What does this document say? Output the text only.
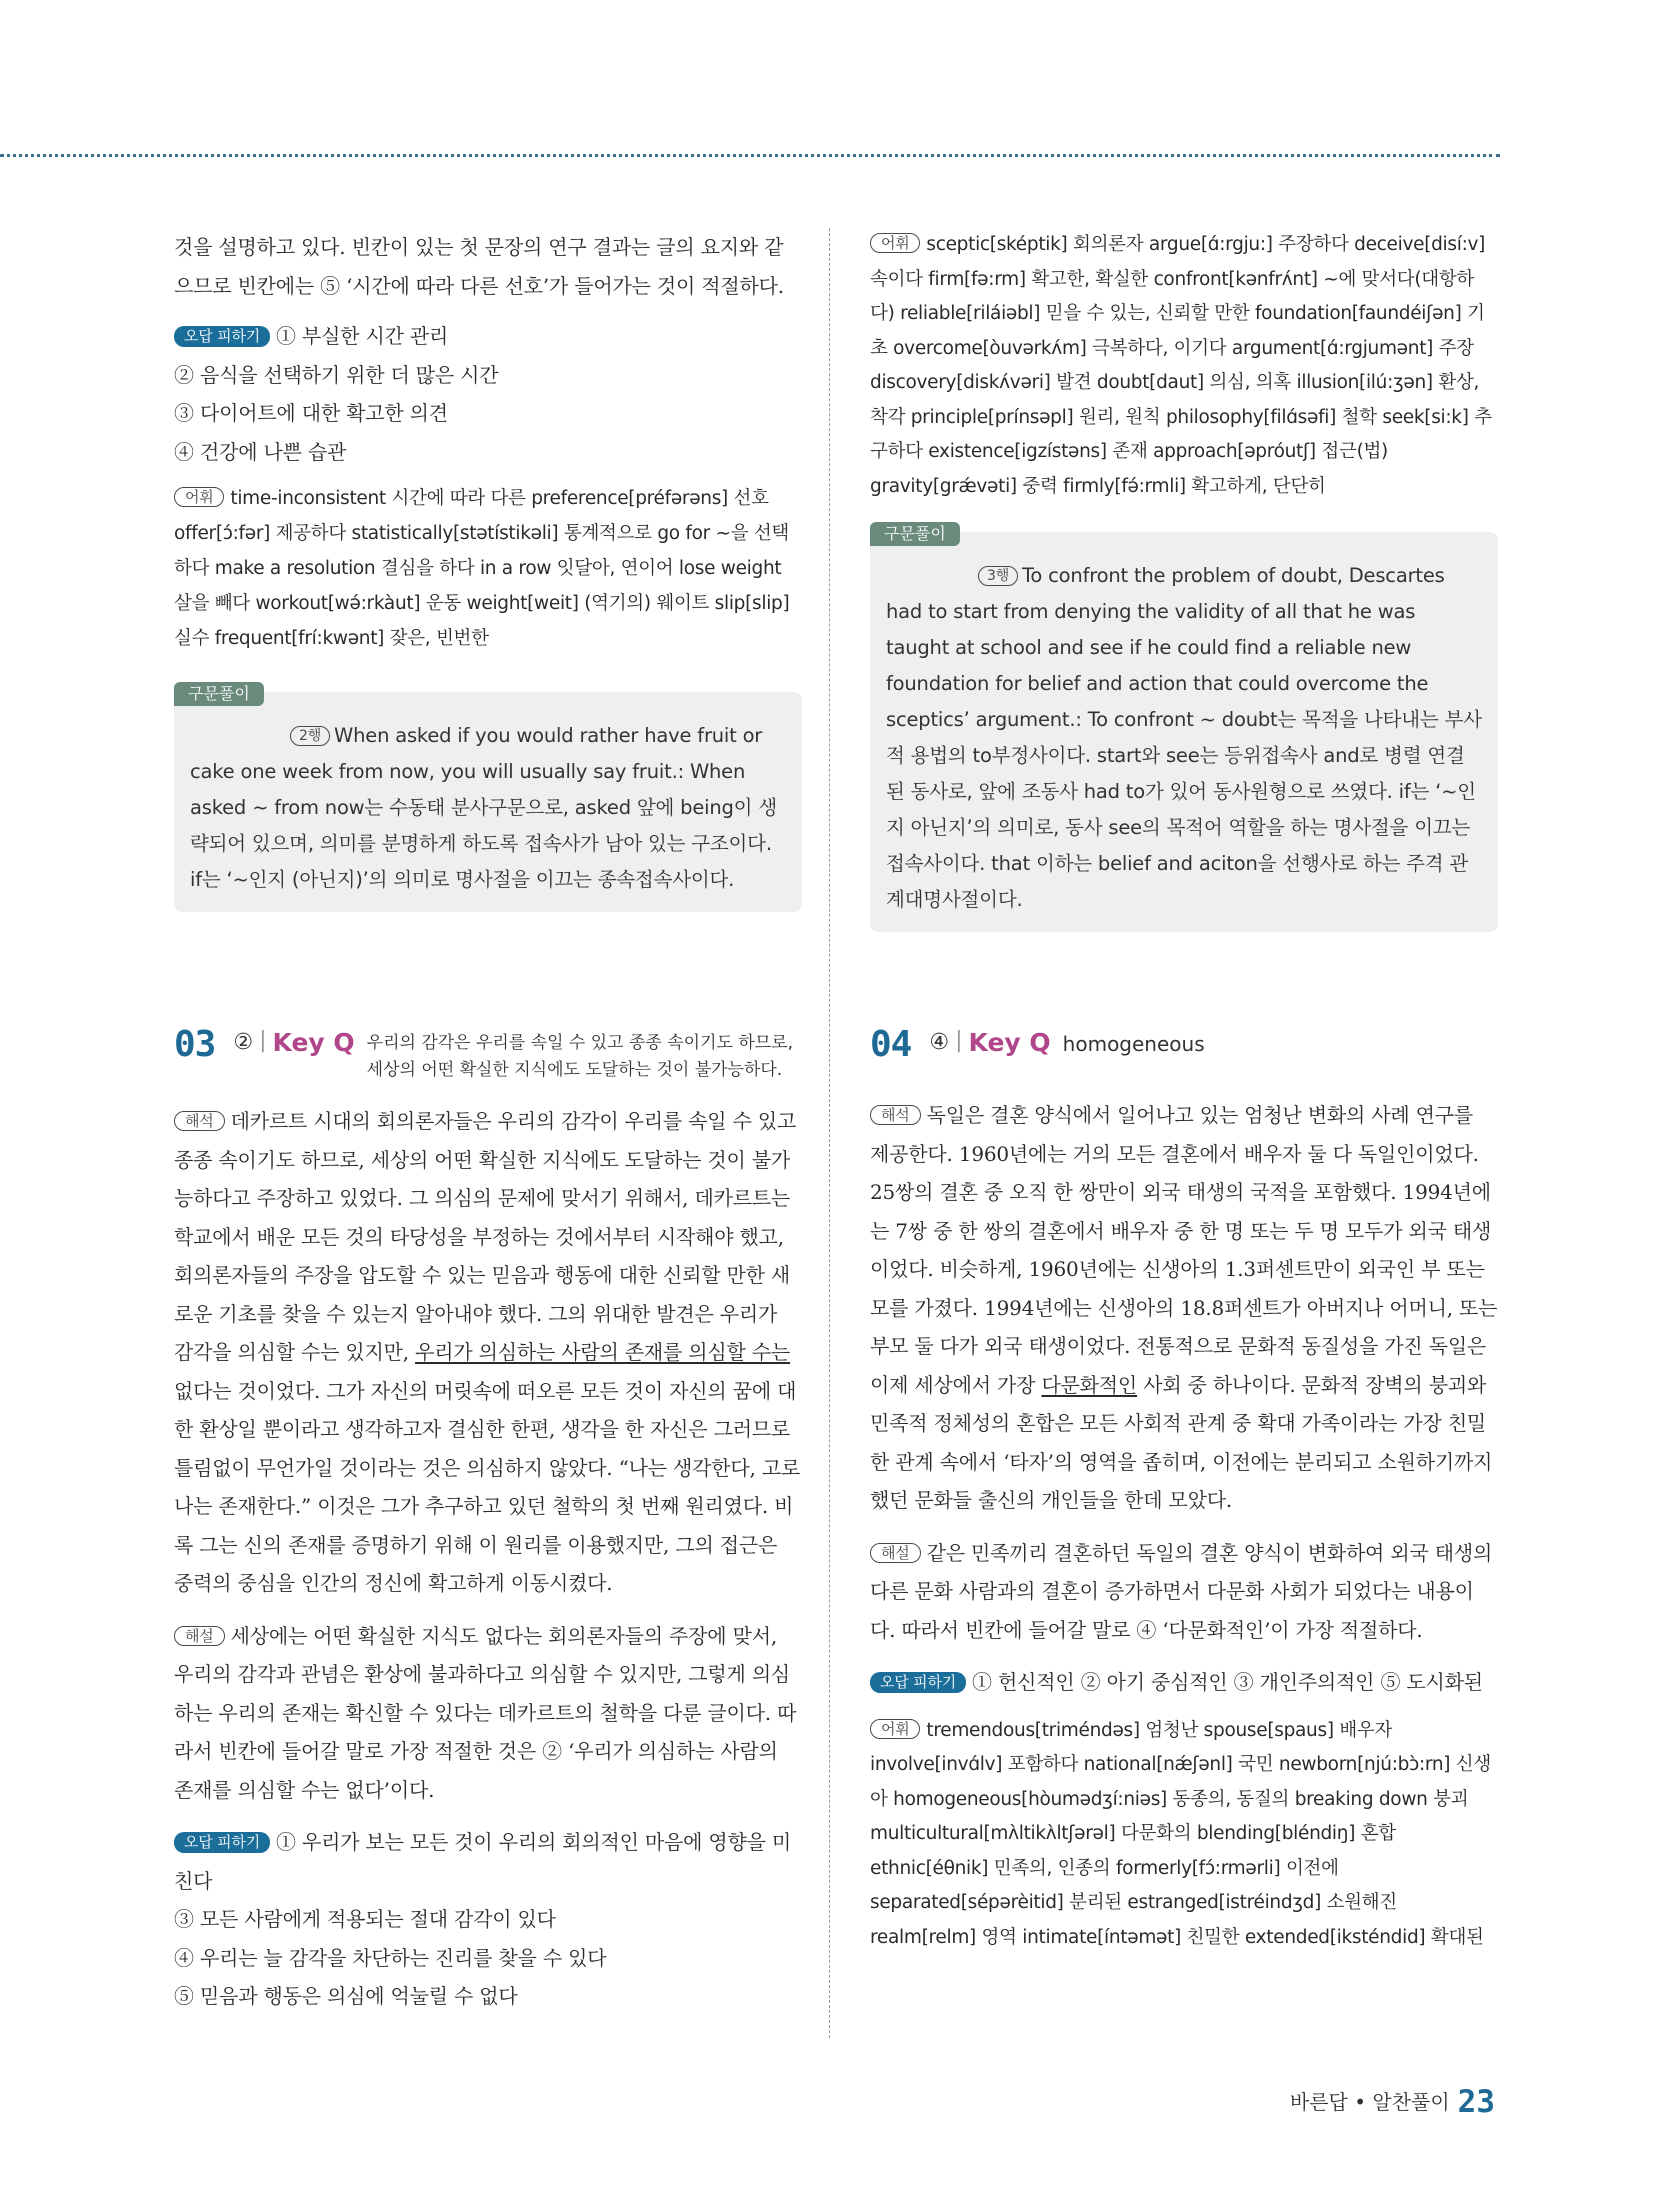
것을 설명하고 있다. 빈칸이 있는 첫 문장의 연구 결과는 글의 요지와 같으므로 빈칸에는 ⑤ ‘시간에 따라 다른 선호’가 들어가는 것이 적절하다.

오답 피하기 ① 부실한 시간 관리

② 음식을 선택하기 위한 더 많은 시간

③ 다이어트에 대한 확고한 의견

④ 건강에 나쁜 습관

어휘 time-inconsistent 시간에 따라 다른 preference[préfərəns] 선호 offer[ɔ́:fər] 제공하다 statistically[stətístikəli] 통계적으로 go for ~을 선택하다 make a resolution 결심을 하다 in a row 잇달아, 연이어 lose weight 살을 빼다 workout[wə́:rkàut] 운동 weight[weit] (역기의) 웨이트 slip[slip] 실수 frequent[frí:kwənt] 잦은, 빈번한

구문풀이

2행 When asked if you would rather have fruit or cake one week from now, you will usually say fruit.: When asked ~ from now는 수동태 분사구문으로, asked 앞에 being이 생략되어 있으며, 의미를 분명하게 하도록 접속사가 남아 있는 구조이다. if는 ‘~인지 (아닌지)’의 의미로 명사절을 이끄는 종속접속사이다.

어휘 sceptic[sképtik] 회의론자 argue[ɑ́:rgju:] 주장하다 deceive[disí:v] 속이다 firm[fə:rm] 확고한, 확실한 confront[kənfrʌ́nt] ~에 맞서다(대항하다) reliable[riláiəbl] 믿을 수 있는, 신뢰할 만한 foundation[faundéiʃən] 기초 overcome[òuvərkʌ́m] 극복하다, 이기다 argument[ɑ́:rgjumənt] 주장 discovery[diskʌ́vəri] 발견 doubt[daut] 의심, 의혹 illusion[ilú:ʒən] 환상, 착각 principle[prínsəpl] 원리, 원칙 philosophy[filɑ́səfi] 철학 seek[si:k] 추구하다 existence[igzístəns] 존재 approach[əpróutʃ] 접근(법) gravity[grǽvəti] 중력 firmly[fə́:rmli] 확고하게, 단단히

구문풀이

3행 To confront the problem of doubt, Descartes had to start from denying the validity of all that he was taught at school and see if he could find a reliable new foundation for belief and action that could overcome the sceptics’ argument.: To confront ~ doubt는 목적을 나타내는 부사적 용법의 to부정사이다. start와 see는 등위접속사 and로 병렬 연결된 동사로, 앞에 조동사 had to가 있어 동사원형으로 쓰였다. if는 ‘~인지 아닌지’의 의미로, 동사 see의 목적어 역할을 하는 명사절을 이끄는 접속사이다. that 이하는 belief and aciton을 선행사로 하는 주격 관계대명사절이다.

03 ② | Key Q 우리의 감각은 우리를 속일 수 있고 종종 속이기도 하므로,
세상의 어떤 확실한 지식에도 도달하는 것이 불가능하다.

해석 데카르트 시대의 회의론자들은 우리의 감각이 우리를 속일 수 있고 종종 속이기도 하므로, 세상의 어떤 확실한 지식에도 도달하는 것이 불가능하다고 주장하고 있었다. 그 의심의 문제에 맞서기 위해서, 데카르트는 학교에서 배운 모든 것의 타당성을 부정하는 것에서부터 시작해야 했고, 회의론자들의 주장을 압도할 수 있는 믿음과 행동에 대한 신뢰할 만한 새로운 기초를 찾을 수 있는지 알아내야 했다. 그의 위대한 발견은 우리가 감각을 의심할 수는 있지만, 우리가 의심하는 사람의 존재를 의심할 수는 없다는 것이었다. 그가 자신의 머릿속에 떠오른 모든 것이 자신의 꿈에 대한 환상일 뿐이라고 생각하고자 결심한 한편, 생각을 한 자신은 그러므로 틀림없이 무언가일 것이라는 것은 의심하지 않았다. “나는 생각한다, 고로 나는 존재한다.” 이것은 그가 추구하고 있던 철학의 첫 번째 원리였다. 비록 그는 신의 존재를 증명하기 위해 이 원리를 이용했지만, 그의 접근은 중력의 중심을 인간의 정신에 확고하게 이동시켰다.

해설 세상에는 어떤 확실한 지식도 없다는 회의론자들의 주장에 맞서, 우리의 감각과 관념은 환상에 불과하다고 의심할 수 있지만, 그렇게 의심하는 우리의 존재는 확신할 수 있다는 데카르트의 철학을 다룬 글이다. 따라서 빈칸에 들어갈 말로 가장 적절한 것은 ② ‘우리가 의심하는 사람의 존재를 의심할 수는 없다’이다.

오답 피하기 ① 우리가 보는 모든 것이 우리의 회의적인 마음에 영향을 미친다

③ 모든 사람에게 적용되는 절대 감각이 있다

④ 우리는 늘 감각을 차단하는 진리를 찾을 수 있다

⑤ 믿음과 행동은 의심에 억눌릴 수 없다

04 ④ | Key Q homogeneous

해석 독일은 결혼 양식에서 일어나고 있는 엄청난 변화의 사례 연구를 제공한다. 1960년에는 거의 모든 결혼에서 배우자 둘 다 독일인이었다. 25쌍의 결혼 중 오직 한 쌍만이 외국 태생의 국적을 포함했다. 1994년에는 7쌍 중 한 쌍의 결혼에서 배우자 중 한 명 또는 두 명 모두가 외국 태생이었다. 비슷하게, 1960년에는 신생아의 1.3퍼센트만이 외국인 부 또는 모를 가졌다. 1994년에는 신생아의 18.8퍼센트가 아버지나 어머니, 또는 부모 둘 다가 외국 태생이었다. 전통적으로 문화적 동질성을 가진 독일은 이제 세상에서 가장 다문화적인 사회 중 하나이다. 문화적 장벽의 붕괴와 민족적 정체성의 혼합은 모든 사회적 관계 중 확대 가족이라는 가장 친밀한 관계 속에서 ‘타자’의 영역을 좁히며, 이전에는 분리되고 소원하기까지 했던 문화들 출신의 개인들을 한데 모았다.

해설 같은 민족끼리 결혼하던 독일의 결혼 양식이 변화하여 외국 태생의 다른 문화 사람과의 결혼이 증가하면서 다문화 사회가 되었다는 내용이다. 따라서 빈칸에 들어갈 말로 ④ ‘다문화적인’이 가장 적절하다.

오답 피하기 ① 헌신적인 ② 아기 중심적인 ③ 개인주의적인 ⑤ 도시화된

어휘 tremendous[triméndəs] 엄청난 spouse[spaus] 배우자 involve[invɑ́lv] 포함하다 national[nǽʃənl] 국민 newborn[njú:bɔ̀:rn] 신생아 homogeneous[hòumədʒí:niəs] 동종의, 동질의 breaking down 붕괴 multicultural[mʌ̀ltikʌ̀ltʃərəl] 다문화의 blending[bléndiŋ] 혼합 ethnic[éθnik] 민족의, 인종의 formerly[fɔ́:rmərli] 이전에 separated[sépərèitid] 분리된 estranged[istréindʒd] 소원해진 realm[relm] 영역 intimate[íntəmət] 친밀한 extended[iksténdid] 확대된

바른답 • 알찬풀이 23
